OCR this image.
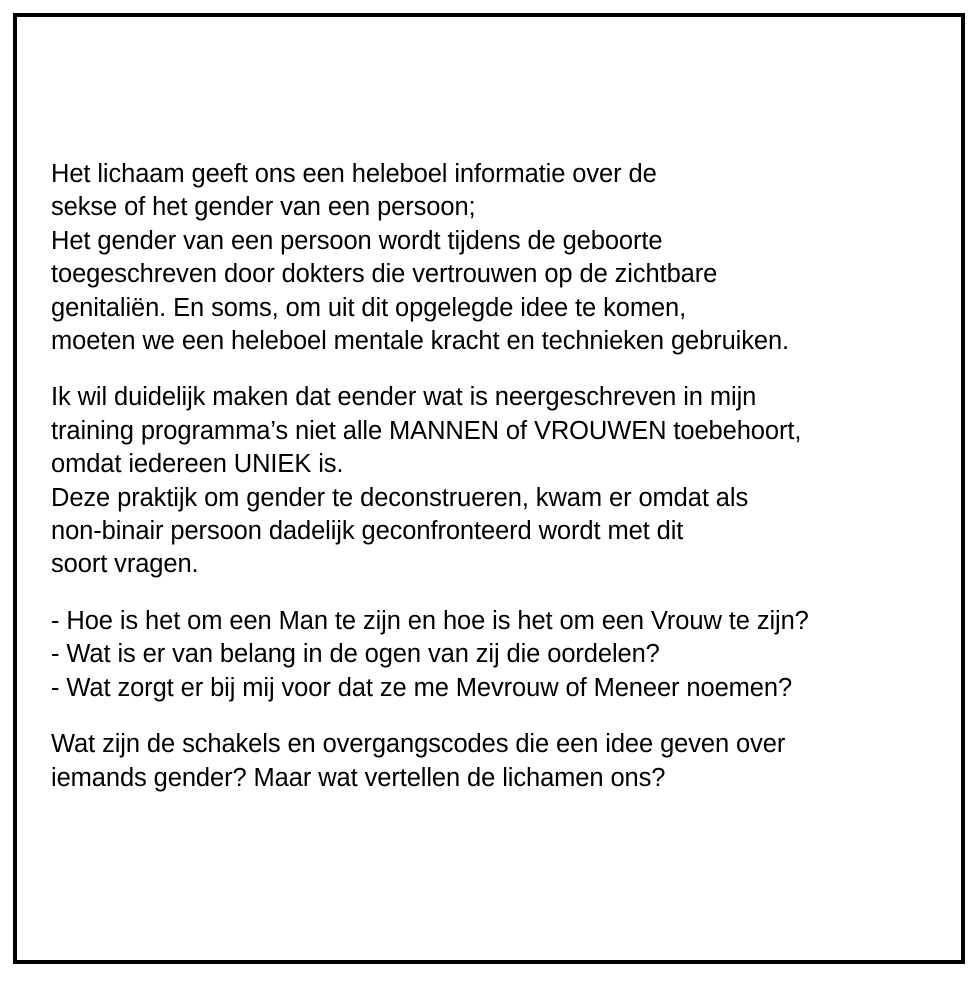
Het lichaam geeft ons een heleboel informatie over de
sekse of het gender van een persoon;
Het gender van een persoon wordt tijdens de geboorte
toegeschreven door dokters die vertrouwen op de zichtbare
genitaliën. En soms, om uit dit opgelegde idee te komen,
moeten we een heleboel mentale kracht en technieken gebruiken.

Ik wil duidelijk maken dat eender wat is neergeschreven in mijn
training programma’s niet alle MANNEN of VROUWEN toebehoort,
omdat iedereen UNIEK is.
Deze praktijk om gender te deconstrueren, kwam er omdat als
non-binair persoon dadelijk geconfronteerd wordt met dit
soort vragen.

- Hoe is het om een Man te zijn en hoe is het om een Vrouw te zijn?
- Wat is er van belang in de ogen van zij die oordelen?
- Wat zorgt er bij mij voor dat ze me Mevrouw of Meneer noemen?

Wat zijn de schakels en overgangscodes die een idee geven over
iemands gender? Maar wat vertellen de lichamen ons?
